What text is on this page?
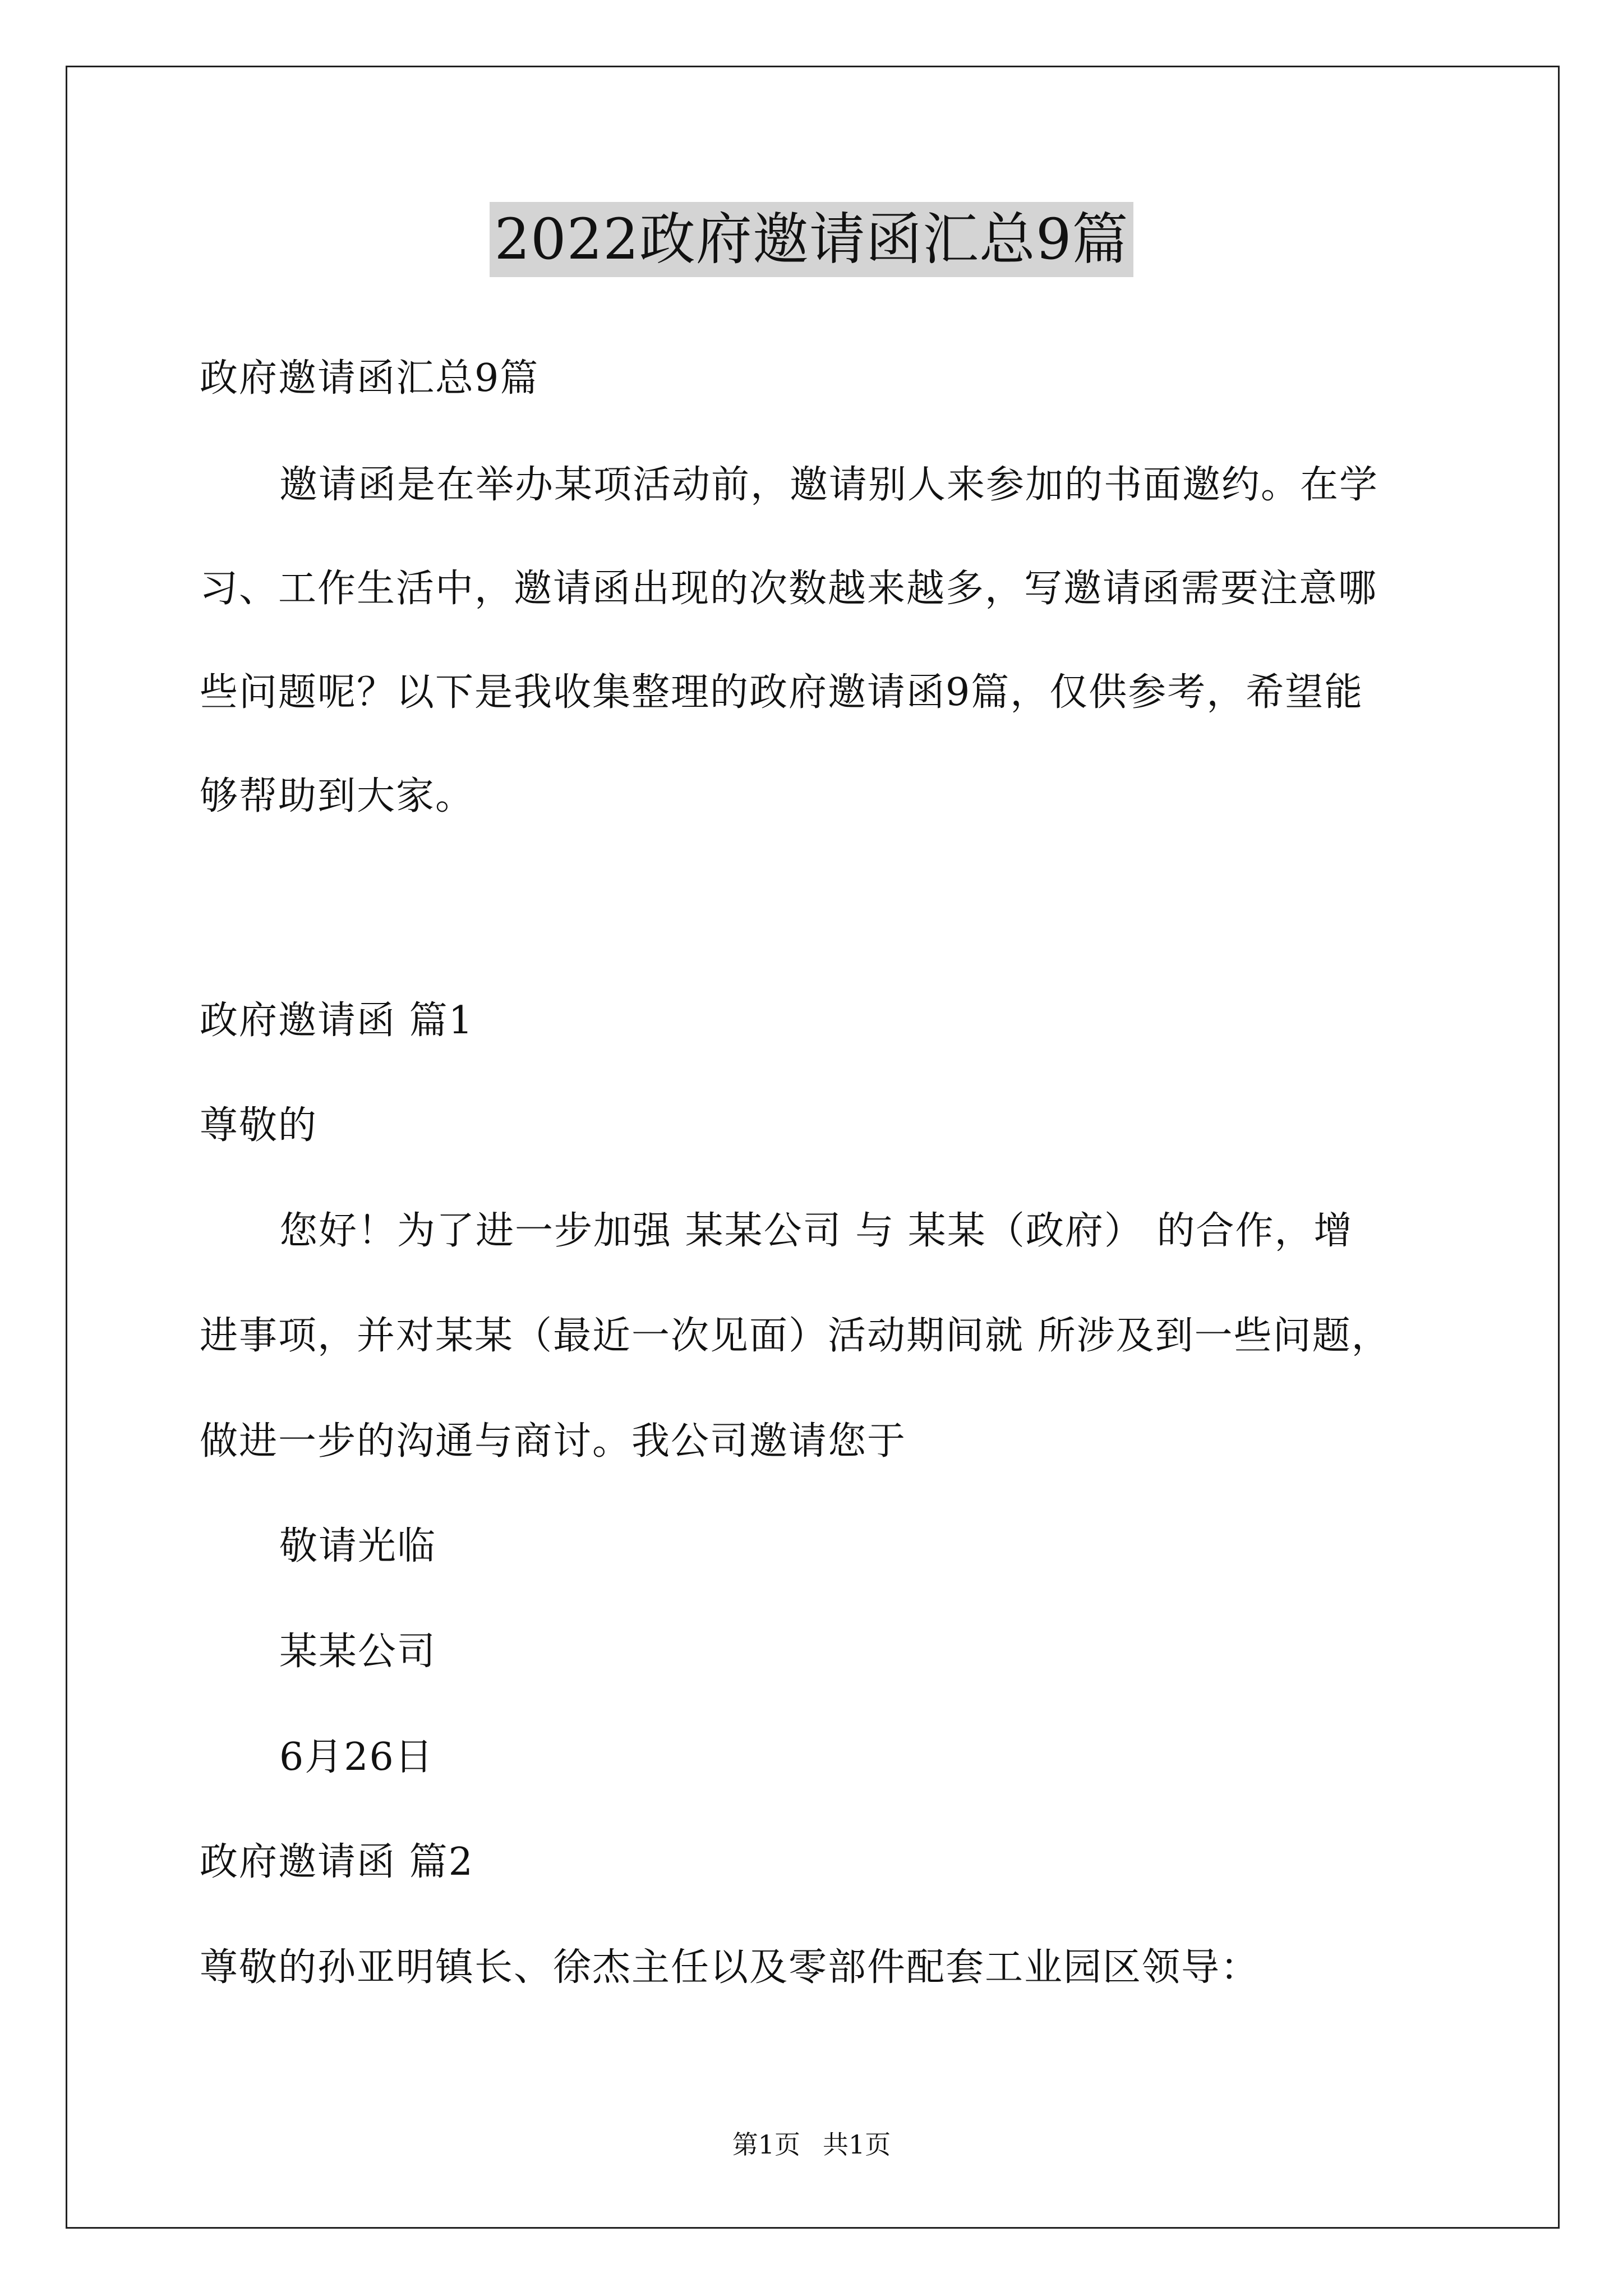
2022政府邀请函汇总9篇
政府邀请函汇总9篇
邀请函是在举办某项活动前，邀请别人来参加的书面邀约。在学
习、工作生活中，邀请函出现的次数越来越多，写邀请函需要注意哪
些问题呢？以下是我收集整理的政府邀请函9篇，仅供参考，希望能
够帮助到大家。
政府邀请函 篇1
尊敬的
您好！为了进一步加强 某某公司 与 某某（政府） 的合作，增
进事项，并对某某（最近一次见面）活动期间就 所涉及到一些问题，
做进一步的沟通与商讨。我公司邀请您于
敬请光临
某某公司
6月26日
政府邀请函 篇2
尊敬的孙亚明镇长、徐杰主任以及零部件配套工业园区领导：
第1页 共1页
